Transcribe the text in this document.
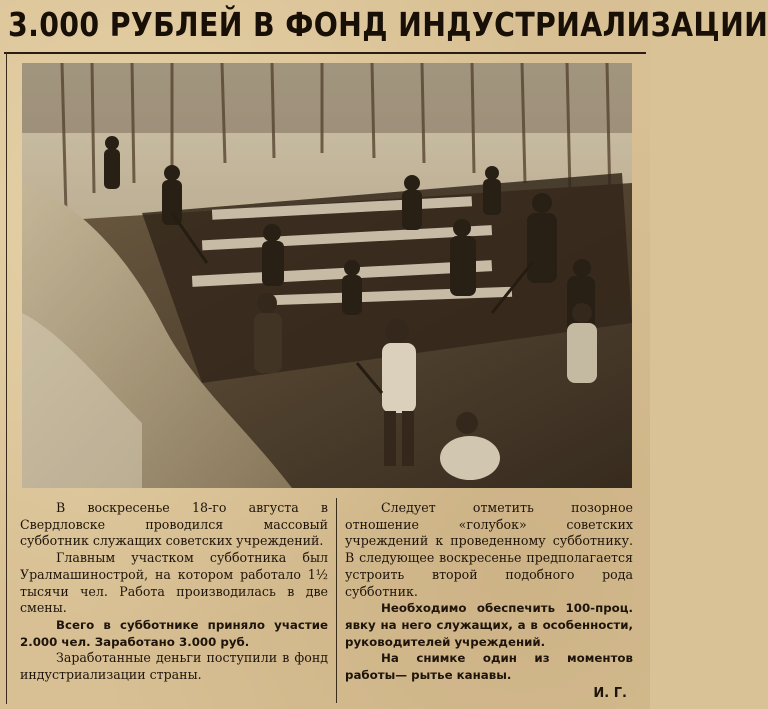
3.000 РУБЛЕЙ В ФОНД ИНДУСТРИАЛИЗАЦИИ

В воскресенье 18-го августа в Свердловске проводился массовый субботник служащих советских учреждений.

Главным участком субботника был Уралмашинострой, на котором работало 1½ тысячи чел. Работа производилась в две смены.

Всего в субботнике приняло участие 2.000 чел. Заработано 3.000 руб.

Заработанные деньги поступили в фонд индустриализации страны.

Следует отметить позорное отношение «голубок» советских учреждений к проведенному субботнику. В следующее воскресенье предполагается устроить второй подобного рода субботник.

Необходимо обеспечить 100-проц. явку на него служащих, а в особенности, руководителей учреждений.

На снимке один из моментов работы— рытье канавы.

И. Г.
